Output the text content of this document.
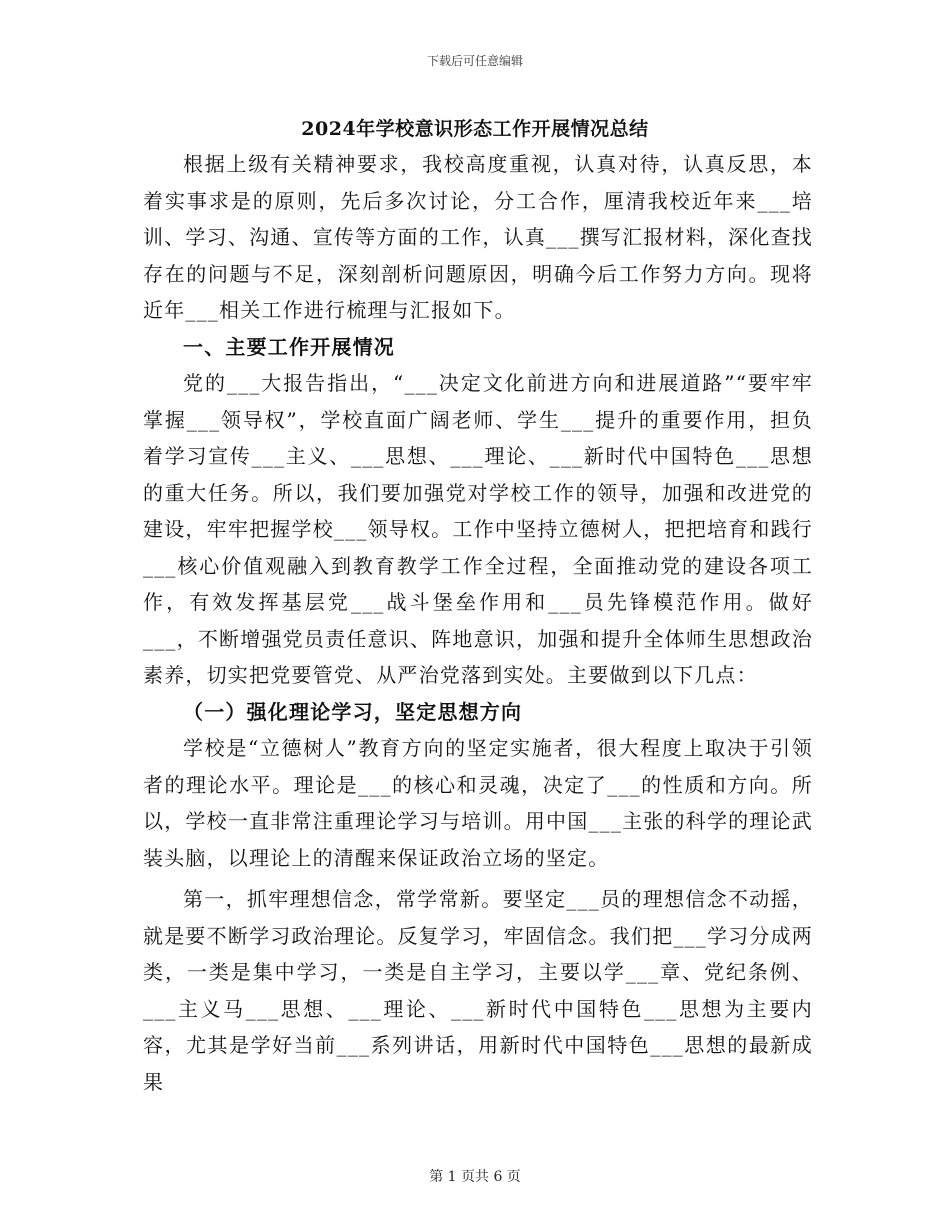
下载后可任意编辑
2024年学校意识形态工作开展情况总结

根据上级有关精神要求，我校高度重视，认真对待，认真反思，本着实事求是的原则，先后多次讨论，分工合作，厘清我校近年来___培训、学习、沟通、宣传等方面的工作，认真___撰写汇报材料，深化查找存在的问题与不足，深刻剖析问题原因，明确今后工作努力方向。现将近年___相关工作进行梳理与汇报如下。

一、主要工作开展情况

党的___大报告指出，“___决定文化前进方向和进展道路”“要牢牢掌握___领导权”，学校直面广阔老师、学生___提升的重要作用，担负着学习宣传___主义、___思想、___理论、___新时代中国特色___思想的重大任务。所以，我们要加强党对学校工作的领导，加强和改进党的建设，牢牢把握学校___领导权。工作中坚持立德树人，把把培育和践行___核心价值观融入到教育教学工作全过程，全面推动党的建设各项工作，有效发挥基层党___战斗堡垒作用和___员先锋模范作用。做好___，不断增强党员责任意识、阵地意识，加强和提升全体师生思想政治素养，切实把党要管党、从严治党落到实处。主要做到以下几点：

（一）强化理论学习，坚定思想方向

学校是“立德树人”教育方向的坚定实施者，很大程度上取决于引领者的理论水平。理论是___的核心和灵魂，决定了___的性质和方向。所以，学校一直非常注重理论学习与培训。用中国___主张的科学的理论武装头脑，以理论上的清醒来保证政治立场的坚定。

第一，抓牢理想信念，常学常新。要坚定___员的理想信念不动摇，就是要不断学习政治理论。反复学习，牢固信念。我们把___学习分成两类，一类是集中学习，一类是自主学习，主要以学___章、党纪条例、___主义马___思想、___理论、___新时代中国特色___思想为主要内容，尤其是学好当前___系列讲话，用新时代中国特色___思想的最新成果

第 1 页共 6 页
